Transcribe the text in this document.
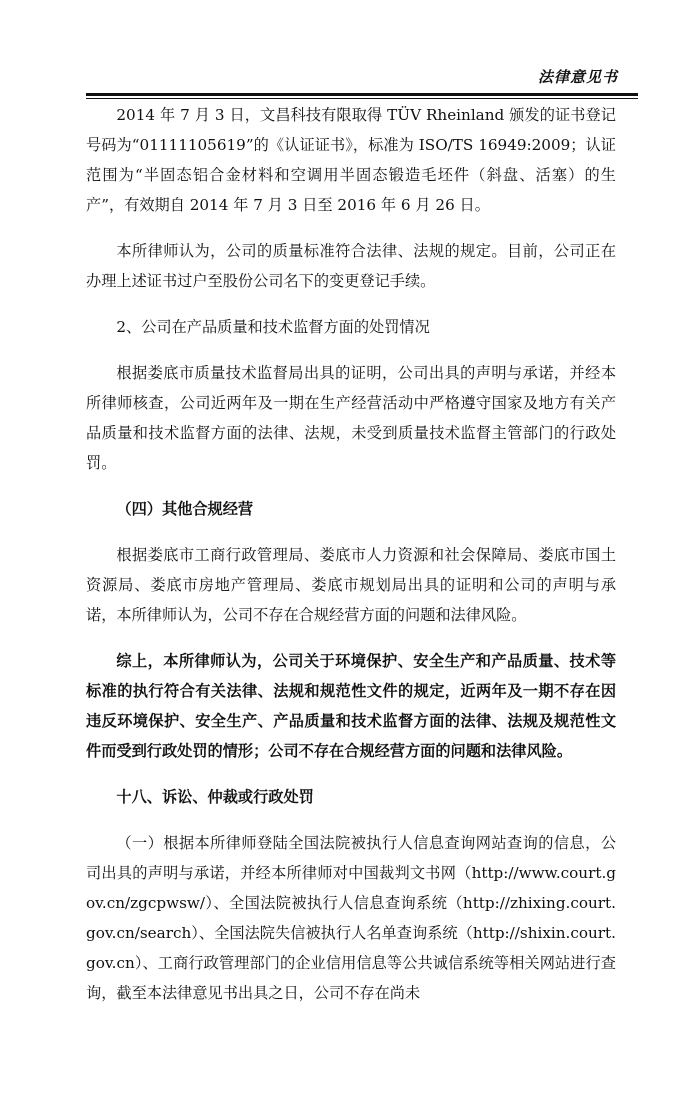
法律意见书

2014 年 7 月 3 日，文昌科技有限取得 TÜV Rheinland 颁发的证书登记号码为“01111105619”的《认证证书》，标准为 ISO/TS 16949:2009；认证范围为“半固态铝合金材料和空调用半固态锻造毛坯件（斜盘、活塞）的生产”，有效期自 2014 年 7 月 3 日至 2016 年 6 月 26 日。

本所律师认为，公司的质量标准符合法律、法规的规定。目前，公司正在办理上述证书过户至股份公司名下的变更登记手续。

2、公司在产品质量和技术监督方面的处罚情况

根据娄底市质量技术监督局出具的证明，公司出具的声明与承诺，并经本所律师核查，公司近两年及一期在生产经营活动中严格遵守国家及地方有关产品质量和技术监督方面的法律、法规，未受到质量技术监督主管部门的行政处罚。

（四）其他合规经营

根据娄底市工商行政管理局、娄底市人力资源和社会保障局、娄底市国土资源局、娄底市房地产管理局、娄底市规划局出具的证明和公司的声明与承诺，本所律师认为，公司不存在合规经营方面的问题和法律风险。

综上，本所律师认为，公司关于环境保护、安全生产和产品质量、技术等标准的执行符合有关法律、法规和规范性文件的规定，近两年及一期不存在因违反环境保护、安全生产、产品质量和技术监督方面的法律、法规及规范性文件而受到行政处罚的情形；公司不存在合规经营方面的问题和法律风险。

十八、诉讼、仲裁或行政处罚

（一）根据本所律师登陆全国法院被执行人信息查询网站查询的信息，公司出具的声明与承诺，并经本所律师对中国裁判文书网（http://www.court.gov.cn/zgcpwsw/）、全国法院被执行人信息查询系统（http://zhixing.court.gov.cn/search）、全国法院失信被执行人名单查询系统（http://shixin.court.gov.cn）、工商行政管理部门的企业信用信息等公共诚信系统等相关网站进行查询，截至本法律意见书出具之日，公司不存在尚未
